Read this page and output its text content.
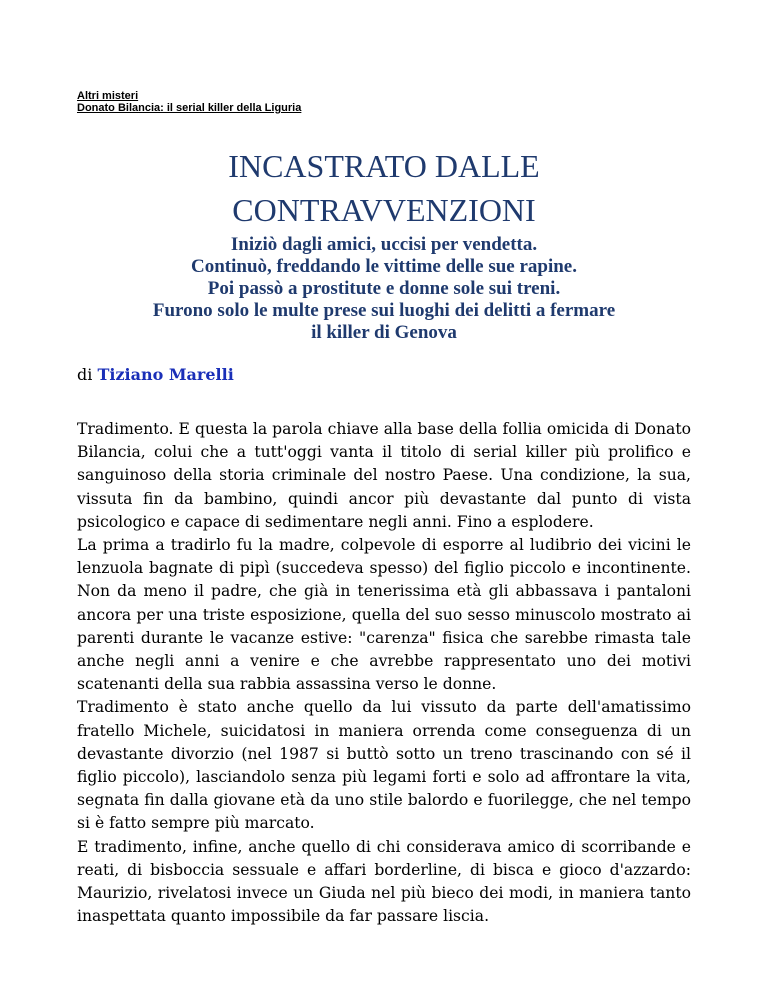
Altri misteri
Donato Bilancia: il serial killer della Liguria
INCASTRATO DALLE
CONTRAVVENZIONI
Iniziò dagli amici, uccisi per vendetta.
Continuò, freddando le vittime delle sue rapine.
Poi passò a prostitute e donne sole sui treni.
Furono solo le multe prese sui luoghi dei delitti a fermare
il killer di Genova
di Tiziano Marelli

Tradimento. E questa la parola chiave alla base della follia omicida di Donato Bilancia, colui che a tutt'oggi vanta il titolo di serial killer più prolifico e sanguinoso della storia criminale del nostro Paese. Una condizione, la sua, vissuta fin da bambino, quindi ancor più devastante dal punto di vista psicologico e capace di sedimentare negli anni. Fino a esplodere.

La prima a tradirlo fu la madre, colpevole di esporre al ludibrio dei vicini le lenzuola bagnate di pipì (succedeva spesso) del figlio piccolo e incontinente. Non da meno il padre, che già in tenerissima età gli abbassava i pantaloni ancora per una triste esposizione, quella del suo sesso minuscolo mostrato ai parenti durante le vacanze estive: "carenza" fisica che sarebbe rimasta tale anche negli anni a venire e che avrebbe rappresentato uno dei motivi scatenanti della sua rabbia assassina verso le donne.

Tradimento è stato anche quello da lui vissuto da parte dell'amatissimo fratello Michele, suicidatosi in maniera orrenda come conseguenza di un devastante divorzio (nel 1987 si buttò sotto un treno trascinando con sé il figlio piccolo), lasciandolo senza più legami forti e solo ad affrontare la vita, segnata fin dalla giovane età da uno stile balordo e fuorilegge, che nel tempo si è fatto sempre più marcato.

E tradimento, infine, anche quello di chi considerava amico di scorribande e reati, di bisboccia sessuale e affari borderline, di bisca e gioco d'azzardo: Maurizio, rivelatosi invece un Giuda nel più bieco dei modi, in maniera tanto inaspettata quanto impossibile da far passare liscia.
